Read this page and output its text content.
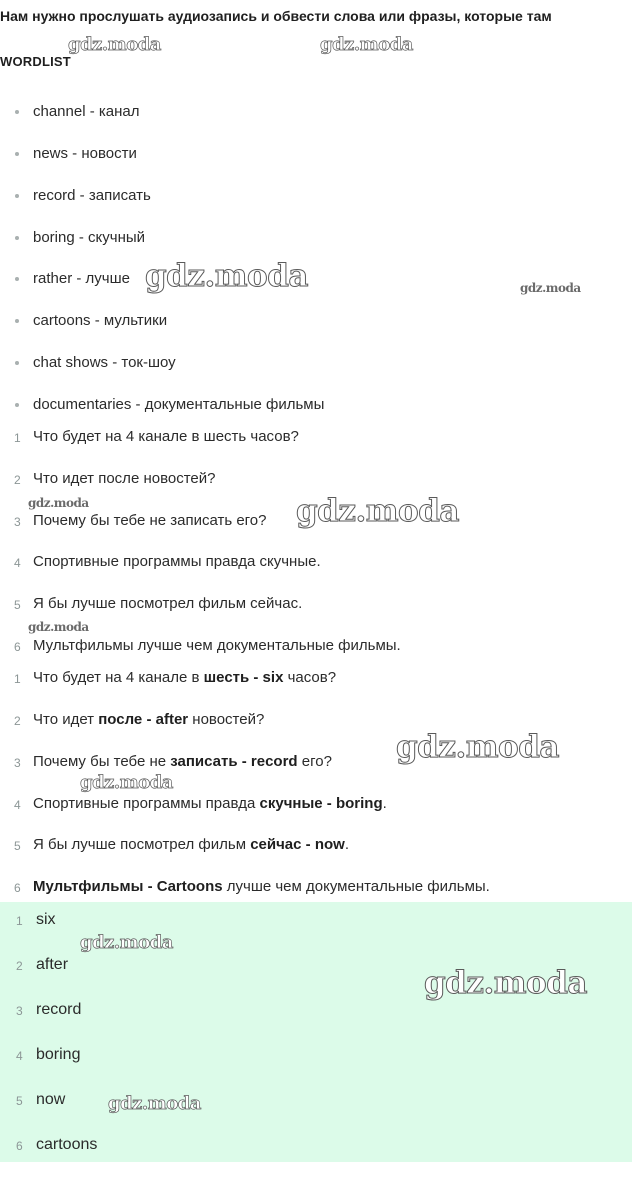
Нам нужно прослушать аудиозапись и обвести слова или фразы, которые там
WORDLIST
channel - канал
news - новости
record - записать
boring - скучный
rather - лучше
cartoons - мультики
chat shows - ток-шоу
documentaries - документальные фильмы
1 Что будет на 4 канале в шесть часов?
2 Что идет после новостей?
3 Почему бы тебе не записать его?
4 Спортивные программы правда скучные.
5 Я бы лучше посмотрел фильм сейчас.
6 Мультфильмы лучше чем документальные фильмы.
1 Что будет на 4 канале в шесть - six часов?
2 Что идет после - after новостей?
3 Почему бы тебе не записать - record его?
4 Спортивные программы правда скучные - boring.
5 Я бы лучше посмотрел фильм сейчас - now.
6 Мультфильмы - Cartoons лучше чем документальные фильмы.
1 six
2 after
3 record
4 boring
5 now
6 cartoons
gdz.moda	gdz.moda
gdz.moda	gdz.moda
gdz.moda	gdz.moda
gdz.moda
gdz.moda
gdz.moda
gdz.moda
gdz.moda
gdz.moda
